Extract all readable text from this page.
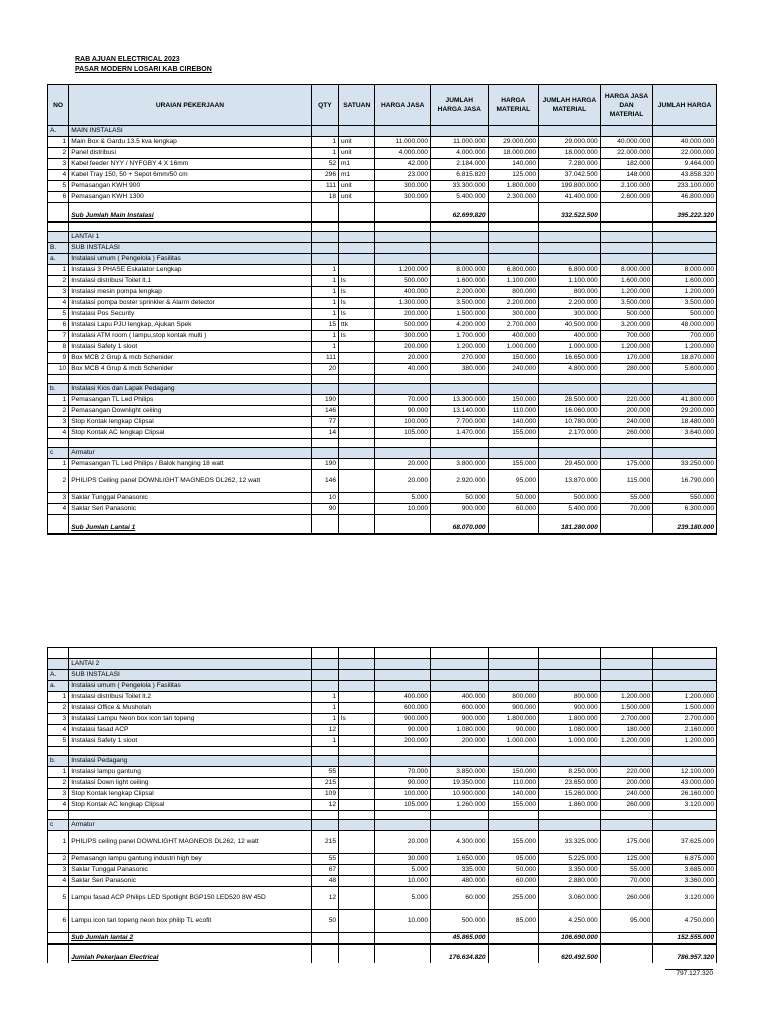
RAB AJUAN ELECTRICAL 2023
PASAR MODERN LOSARI KAB CIREBON
NO	URAIAN PEKERJAAN	QTY	SATUAN	HARGA JASA	JUMLAH HARGA JASA	HARGA MATERIAL	JUMLAH HARGA MATERIAL	HARGA JASA DAN MATERIAL	JUMLAH HARGA
A.	MAIN INSTALASI								
1	Main Box & Gardu 13.5 kva lengkap	1	unit	11.000.000	11.000.000	29.000.000	29.000.000	40.000.000	40.000.000
2	Panel distribusi	1	unit	4.000.000	4.000.000	18.000.000	18.000.000	22.000.000	22.000.000
3	Kabel feeder NYY / NYFGBY 4 X 16mm	52	m1	42.000	2.184.000	140.000	7.280.000	182.000	9.464.000
4	Kabel Tray 150, 50 + Sepot 6mm/50 cm	296	m1	23.000	6.815.820	125.000	37.042.500	148.000	43.858.320
5	Pemasangan KWH 900	111	unit	300.000	33.300.000	1.800.000	199.800.000	2.100.000	233.100.000
6	Pemasangan KWH 1300	18	unit	300.000	5.400.000	2.300.000	41.400.000	2.600.000	46.800.000

	Sub Jumlah Main Instalasi				62.699.820		332.522.500		395.222.320

	LANTAI 1								
B.	SUB INSTALASI								
a.	Instalasi umum ( Pengelola ) Fasilitas								
1	Instalasi 3 PHASE Eskalator Lengkap	1		1.200.000	8.000.000	6.800.000	6.800.000	8.000.000	8.000.000
2	Instalasi distribusi Toilet lt.1	1	ls	500.000	1.600.000	1.100.000	1.100.000	1.600.000	1.600.000
3	Instalasi mesin pompa lengkap	1	ls	400.000	2.200.000	800.000	800.000	1.200.000	1.200.000
4	Instalasi pompa boster sprinkler & Alarm detector	1	ls	1.300.000	3.500.000	2.200.000	2.200.000	3.500.000	3.500.000
5	Instalasi Pos Security	1	ls	200.000	1.500.000	300.000	300.000	500.000	500.000
6	Instalasi Lapu PJU lengkap, Ajukan Spek	15	ttk	500.000	4.200.000	2.700.000	40.500.000	3.200.000	48.000.000
7	Instalasi ATM room ( lampu,stop kontak multi )	1	ls	300.000	1.700.000	400.000	400.000	700.000	700.000
8	Instalasi Safety 1 sloot	1		200.000	1.200.000	1.000.000	1.000.000	1.200.000	1.200.000
9	Box MCB 2 Grup & mcb Schenider	111		20.000	270.000	150.000	16.650.000	170.000	18.870.000
10	Box MCB 4 Grup & mcb Schenider	20		40.000	380.000	240.000	4.800.000	280.000	5.600.000

b.	Instalasi Kios dan Lapak Pedagang								
1	Pemasangan TL Led Philips	190		70.000	13.300.000	150.000	28.500.000	220.000	41.800.000
2	Pemasangan Downlight ceiling	146		90.000	13.140.000	110.000	16.060.000	200.000	29.200.000
3	Stop Kontak lengkap Clipsal	77		100.000	7.700.000	140.000	10.780.000	240.000	18.480.000
4	Stop Kontak AC lengkap Clipsal	14		105.000	1.470.000	155.000	2.170.000	260.000	3.640.000

c	Armatur								
1	Pemasangan TL Led Philips / Balok hanging 18 watt	190		20.000	3.800.000	155.000	29.450.000	175.000	33.250.000
2	PHILIPS Ceiling panel DOWNLIGHT MAGNEOS DL262, 12 watt	146		20.000	2.920.000	95.000	13.870.000	115.000	16.790.000
3	Saklar Tunggal Panasonic	10		5.000	50.000	50.000	500.000	55.000	550.000
4	Saklar Seri Panasonic	90		10.000	900.000	60.000	5.400.000	70.000	6.300.000

	Sub Jumlah Lantai 1				68.070.000		181.280.000		239.180.000

	LANTAI 2								
A.	SUB INSTALASI								
a.	Instalasi umum ( Pengelola ) Fasilitas								
1	Instalasi distribusi Toilet lt.2	1		400.000	400.000	800.000	800.000	1.200.000	1.200.000
2	Instalasi Office & Musholah	1		600.000	600.000	900.000	900.000	1.500.000	1.500.000
3	Instalasi Lampu Neon box icon tari topeng	1	ls	900.000	900.000	1.800.000	1.800.000	2.700.000	2.700.000
4	Instalasi fasad ACP	12		90.000	1.080.000	90.000	1.080.000	180.000	2.160.000
5	Instalasi Safety 1 sloot	1		200.000	200.000	1.000.000	1.000.000	1.200.000	1.200.000

b.	Instalasi Pedagang								
1	Instalasi lampu gantung	55		70.000	3.850.000	150.000	8.250.000	220.000	12.100.000
2	Instalasi Down light ceiling	215		90.000	19.350.000	110.000	23.650.000	200.000	43.000.000
3	Stop Kontak lengkap Clipsal	109		100.000	10.900.000	140.000	15.260.000	240.000	26.160.000
4	Stop Kontak AC lengkap Clipsal	12		105.000	1.260.000	155.000	1.860.000	260.000	3.120.000

c	Armatur								
1	PHILIPS ceiling panel DOWNLIGHT MAGNEOS DL262, 12 watt	215		20.000	4.300.000	155.000	33.325.000	175.000	37.625.000
2	Pemasangn lampu gantung industri high bey	55		30.000	1.650.000	95.000	5.225.000	125.000	6.875.000
3	Saklar Tunggal Panasonic	67		5.000	335.000	50.000	3.350.000	55.000	3.685.000
4	Saklar Seri Panasonic	48		10.000	480.000	60.000	2.880.000	70.000	3.360.000
5	Lampu fasad ACP Philips LED Spotlight BGP150 LED520 8W 45D	12		5.000	60.000	255.000	3.060.000	260.000	3.120.000
6	Lampu icon tari topeng neon box philip TL ecofit	50		10.000	500.000	85.000	4.250.000	95.000	4.750.000
	Sub Jumlah lantai 2				45.865.000		106.690.000		152.555.000

	Jumlah Pekerjaan Electrical				176.634.820		620.492.500		786.957.320
797.127.320
